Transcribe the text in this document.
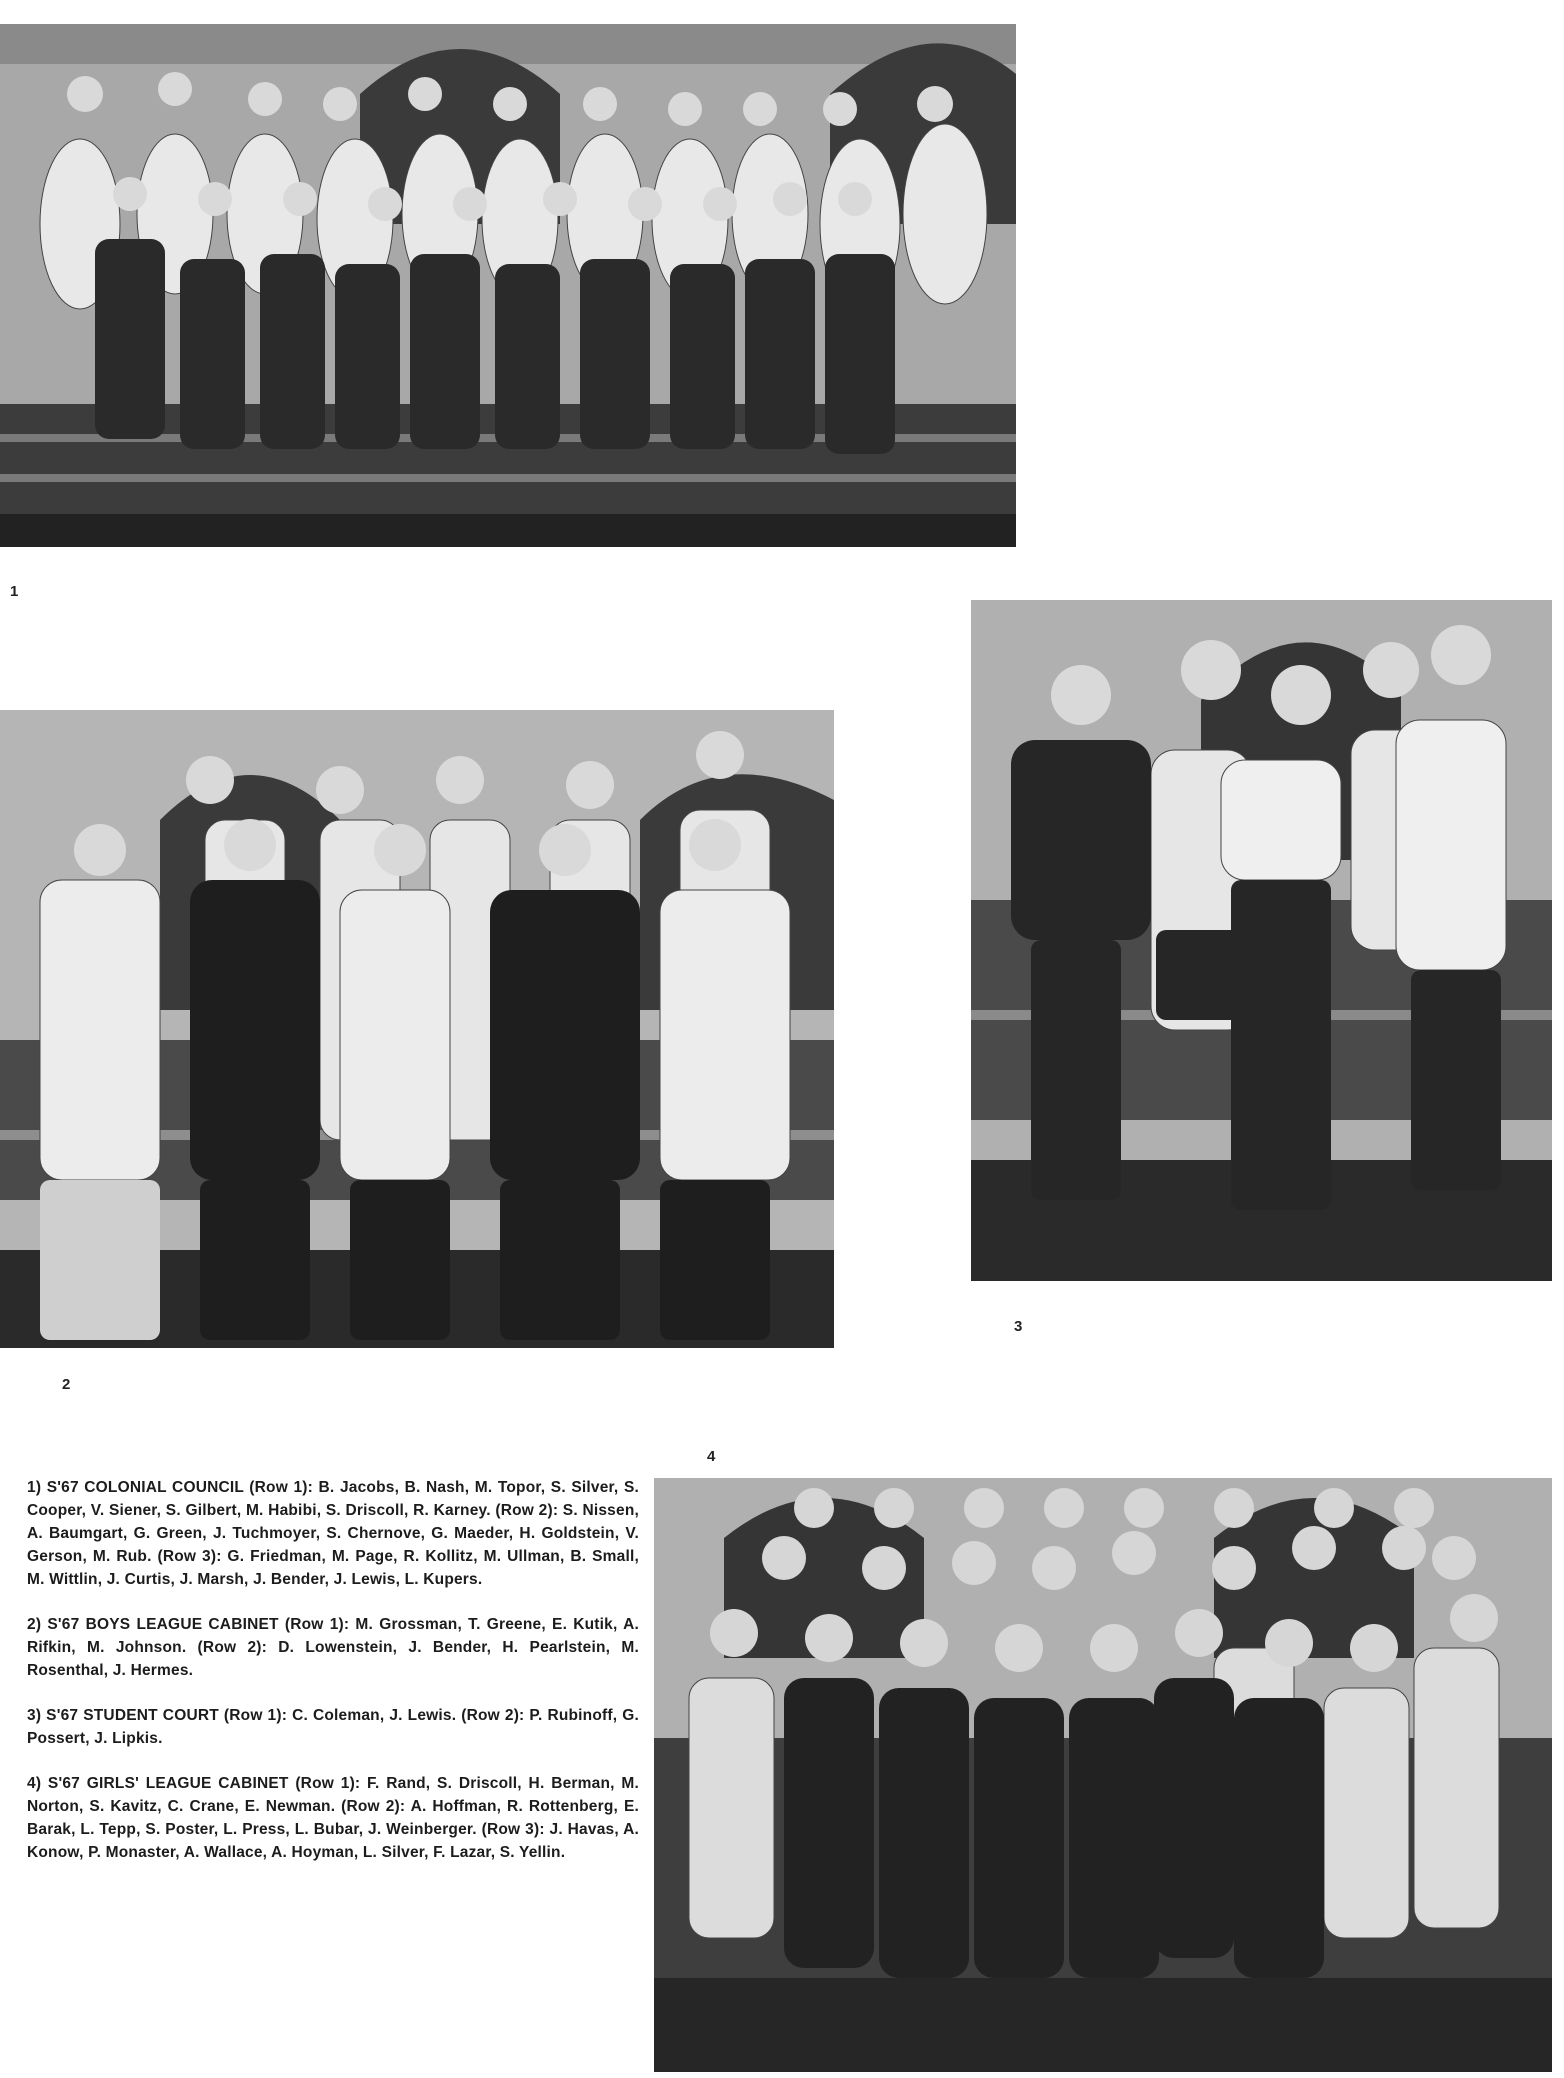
1
2
3
4

1) S'67 COLONIAL COUNCIL (Row 1): B. Jacobs, B. Nash, M. Topor, S. Silver, S. Cooper, V. Siener, S. Gilbert, M. Habibi, S. Driscoll, R. Karney. (Row 2): S. Nissen, A. Baumgart, G. Green, J. Tuchmoyer, S. Chernove, G. Maeder, H. Goldstein, V. Gerson, M. Rub. (Row 3): G. Friedman, M. Page, R. Kollitz, M. Ullman, B. Small, M. Wittlin, J. Curtis, J. Marsh, J. Bender, J. Lewis, L. Kupers.

2) S'67 BOYS LEAGUE CABINET (Row 1): M. Grossman, T. Greene, E. Kutik, A. Rifkin, M. Johnson. (Row 2): D. Lowenstein, J. Bender, H. Pearlstein, M. Rosenthal, J. Hermes.

3) S'67 STUDENT COURT (Row 1): C. Coleman, J. Lewis. (Row 2): P. Rubinoff, G. Possert, J. Lipkis.

4) S'67 GIRLS' LEAGUE CABINET (Row 1): F. Rand, S. Driscoll, H. Berman, M. Norton, S. Kavitz, C. Crane, E. Newman. (Row 2): A. Hoffman, R. Rottenberg, E. Barak, L. Tepp, S. Poster, L. Press, L. Bubar, J. Weinberger. (Row 3): J. Havas, A. Konow, P. Monaster, A. Wallace, A. Hoyman, L. Silver, F. Lazar, S. Yellin.
